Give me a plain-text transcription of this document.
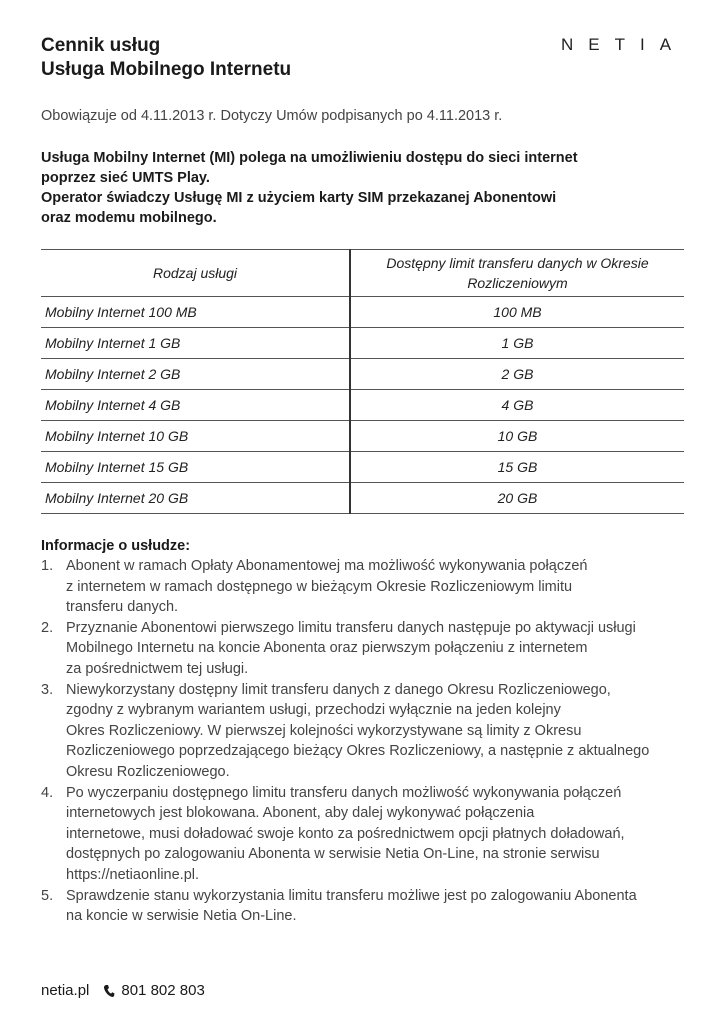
Cennik usług
Usługa Mobilnego Internetu
NETIA
Obowiązuje od 4.11.2013 r. Dotyczy Umów podpisanych po 4.11.2013 r.
Usługa Mobilny Internet (MI) polega na umożliwieniu dostępu do sieci internet
poprzez sieć UMTS Play.
Operator świadczy Usługę MI z użyciem karty SIM przekazanej Abonentowi
oraz modemu mobilnego.
Rodzaj usługi	Dostępny limit transferu danych w Okresie Rozliczeniowym
Mobilny Internet 100 MB	100 MB
Mobilny Internet 1 GB	1 GB
Mobilny Internet 2 GB	2 GB
Mobilny Internet 4 GB	4 GB
Mobilny Internet 10 GB	10 GB
Mobilny Internet 15 GB	15 GB
Mobilny Internet 20 GB	20 GB
Informacje o usłudze:
1. Abonent w ramach Opłaty Abonamentowej ma możliwość wykonywania połączeń
z internetem w ramach dostępnego w bieżącym Okresie Rozliczeniowym limitu
transferu danych.
2. Przyznanie Abonentowi pierwszego limitu transferu danych następuje po aktywacji usługi
Mobilnego Internetu na koncie Abonenta oraz pierwszym połączeniu z internetem
za pośrednictwem tej usługi.
3. Niewykorzystany dostępny limit transferu danych z danego Okresu Rozliczeniowego,
zgodny z wybranym wariantem usługi, przechodzi wyłącznie na jeden kolejny
Okres Rozliczeniowy. W pierwszej kolejności wykorzystywane są limity z Okresu
Rozliczeniowego poprzedzającego bieżący Okres Rozliczeniowy, a następnie z aktualnego
Okresu Rozliczeniowego.
4. Po wyczerpaniu dostępnego limitu transferu danych możliwość wykonywania połączeń
internetowych jest blokowana. Abonent, aby dalej wykonywać połączenia
internetowe, musi doładować swoje konto za pośrednictwem opcji płatnych doładowań,
dostępnych po zalogowaniu Abonenta w serwisie Netia On-Line, na stronie serwisu
https://netiaonline.pl.
5. Sprawdzenie stanu wykorzystania limitu transferu możliwe jest po zalogowaniu Abonenta
na koncie w serwisie Netia On-Line.
netia.pl 801 802 803
